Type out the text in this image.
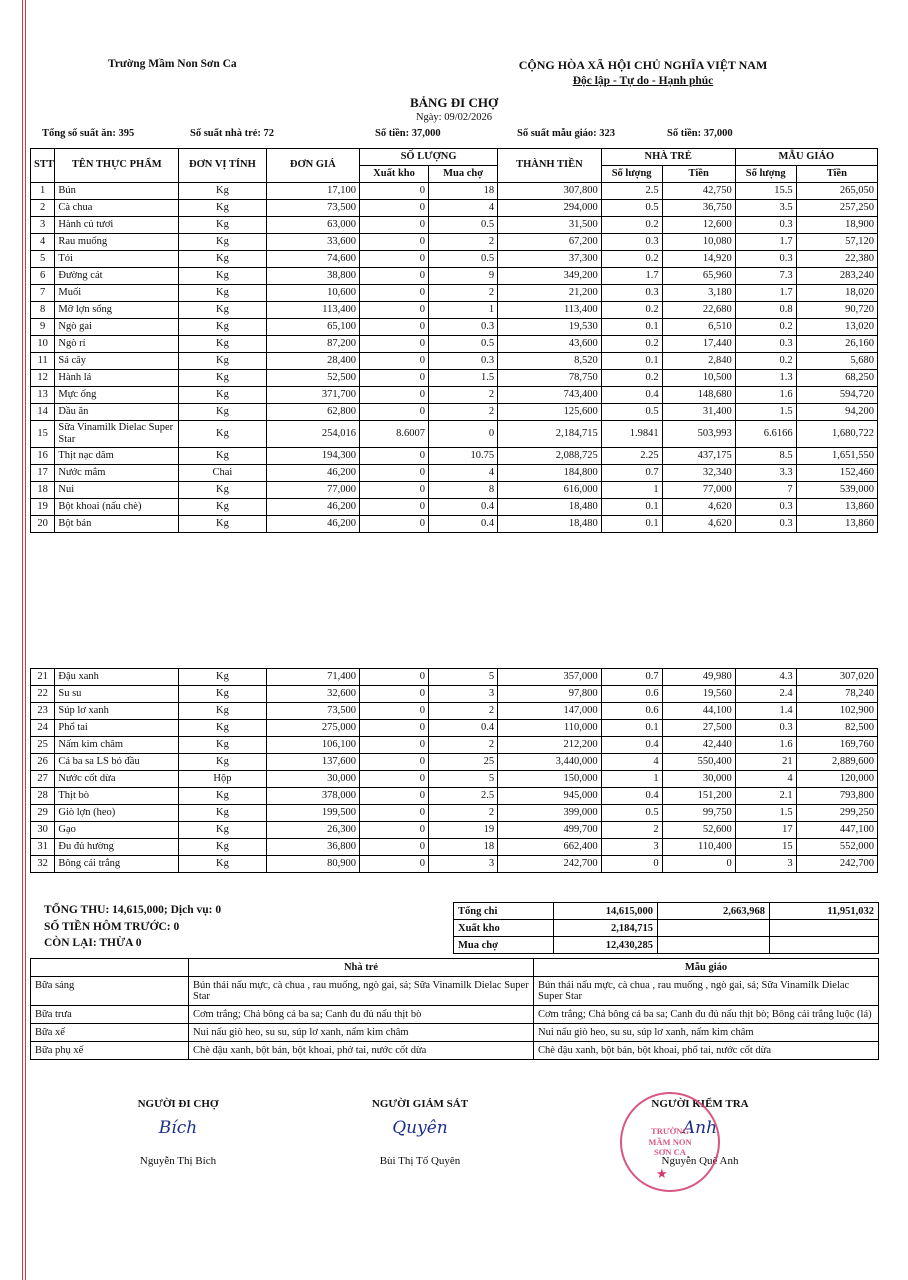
Trường Mầm Non Sơn Ca	CỘNG HÒA XÃ HỘI CHỦ NGHĨA VIỆT NAM
Độc lập - Tự do - Hạnh phúc
BẢNG ĐI CHỢ
Ngày: 09/02/2026
Tổng số suất ăn: 395	Số suất nhà trẻ: 72	Số tiền: 37,000	Số suất mẫu giáo: 323	Số tiền: 37,000
STT	TÊN THỰC PHẨM	ĐƠN VỊ TÍNH	ĐƠN GIÁ	SỐ LƯỢNG		THÀNH TIỀN	NHÀ TRẺ		MẪU GIÁO	
				Xuất kho	Mua chợ		Số lượng	Tiền	Số lượng	Tiền
1	Bún	Kg	17,100	0	18	307,800	2.5	42,750	15.5	265,050
2	Cà chua	Kg	73,500	0	4	294,000	0.5	36,750	3.5	257,250
3	Hành củ tươi	Kg	63,000	0	0.5	31,500	0.2	12,600	0.3	18,900
4	Rau muống	Kg	33,600	0	2	67,200	0.3	10,080	1.7	57,120
5	Tỏi	Kg	74,600	0	0.5	37,300	0.2	14,920	0.3	22,380
6	Đường cát	Kg	38,800	0	9	349,200	1.7	65,960	7.3	283,240
7	Muối	Kg	10,600	0	2	21,200	0.3	3,180	1.7	18,020
8	Mỡ lợn sống	Kg	113,400	0	1	113,400	0.2	22,680	0.8	90,720
9	Ngò gai	Kg	65,100	0	0.3	19,530	0.1	6,510	0.2	13,020
10	Ngò rí	Kg	87,200	0	0.5	43,600	0.2	17,440	0.3	26,160
11	Sả cây	Kg	28,400	0	0.3	8,520	0.1	2,840	0.2	5,680
12	Hành lá	Kg	52,500	0	1.5	78,750	0.2	10,500	1.3	68,250
13	Mực ống	Kg	371,700	0	2	743,400	0.4	148,680	1.6	594,720
14	Dầu ăn	Kg	62,800	0	2	125,600	0.5	31,400	1.5	94,200
15	Sữa Vinamilk Dielac Super Star	Kg	254,016	8.6007	0	2,184,715	1.9841	503,993	6.6166	1,680,722
16	Thịt nạc dăm	Kg	194,300	0	10.75	2,088,725	2.25	437,175	8.5	1,651,550
17	Nước mắm	Chai	46,200	0	4	184,800	0.7	32,340	3.3	152,460
18	Nui	Kg	77,000	0	8	616,000	1	77,000	7	539,000
19	Bột khoai (nấu chè)	Kg	46,200	0	0.4	18,480	0.1	4,620	0.3	13,860
20	Bột bán	Kg	46,200	0	0.4	18,480	0.1	4,620	0.3	13,860
21	Đậu xanh	Kg	71,400	0	5	357,000	0.7	49,980	4.3	307,020
22	Su su	Kg	32,600	0	3	97,800	0.6	19,560	2.4	78,240
23	Súp lơ xanh	Kg	73,500	0	2	147,000	0.6	44,100	1.4	102,900
24	Phổ tai	Kg	275,000	0	0.4	110,000	0.1	27,500	0.3	82,500
25	Nấm kim châm	Kg	106,100	0	2	212,200	0.4	42,440	1.6	169,760
26	Cá ba sa LS bỏ đầu	Kg	137,600	0	25	3,440,000	4	550,400	21	2,889,600
27	Nước cốt dừa	Hộp	30,000	0	5	150,000	1	30,000	4	120,000
28	Thịt bò	Kg	378,000	0	2.5	945,000	0.4	151,200	2.1	793,800
29	Giò lợn (heo)	Kg	199,500	0	2	399,000	0.5	99,750	1.5	299,250
30	Gạo	Kg	26,300	0	19	499,700	2	52,600	17	447,100
31	Đu đủ hường	Kg	36,800	0	18	662,400	3	110,400	15	552,000
32	Bông cải trắng	Kg	80,900	0	3	242,700	0	0	3	242,700
TỔNG THU: 14,615,000; Dịch vụ: 0
SỐ TIỀN HÔM TRƯỚC: 0
CÒN LẠI: THỪA 0
Tổng chi	14,615,000	2,663,968	11,951,032
Xuất kho	2,184,715		
Mua chợ	12,430,285		
	Nhà trẻ	Mẫu giáo
Bữa sáng	Bún thái nấu mực, cà chua , rau muống, ngò gai, sả; Sữa Vinamilk Dielac Super Star	Bún thái nấu mực, cà chua , rau muống , ngò gai, sả; Sữa Vinamilk Dielac Super Star
Bữa trưa	Cơm trắng; Chả bông cá ba sa; Canh đu đủ nấu thịt bò	Cơm trắng; Chả bông cá ba sa; Canh đu đủ nấu thịt bò; Bông cải trắng luộc (lá)
Bữa xế	Nui nấu giò heo, su su, súp lơ xanh, nấm kim châm	Nui nấu giò heo, su su, súp lơ xanh, nấm kim châm
Bữa phụ xế	Chè đậu xanh, bột bán, bột khoai, phở tai, nước cốt dừa	Chè đậu xanh, bột bán, bột khoai, phổ tai, nước cốt dừa
NGƯỜI ĐI CHỢ	NGƯỜI GIÁM SÁT	NGƯỜI KIỂM TRA
Bích	Quyên	Anh
Nguyễn Thị Bích	Bùi Thị Tố Quyên	Nguyễn Quế Anh
TRƯỜNG
MẦM NON
SƠN CA
★
